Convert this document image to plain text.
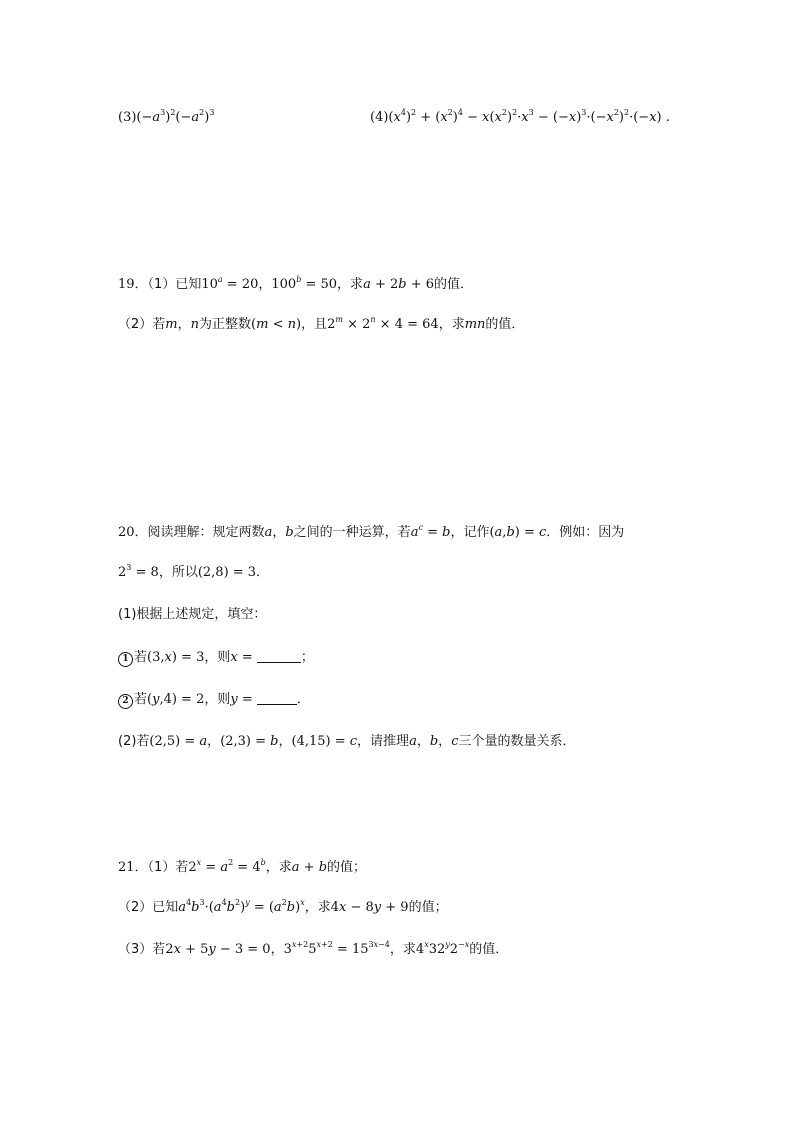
$(3)(-a^3)^2(-a^2)^3$	$(4)(x^4)^2 + (x^2)^4 - x(x^2)^2\cdot x^3 - (-x)^3\cdot(-x^2)^2\cdot(-x)$ .
19．（1）已知$10^a = 20$，$100^b = 50$，求a + 2b + 6的值．
（2）若m，n为正整数(m < n)，且$2^m \times 2^n \times 4 = 64$，求mn的值．
20．阅读理解：规定两数a，b之间的一种运算，若$a^c = b$，记作(a,b) = c．例如：因为
$2^3 = 8$，所以(2,8) = 3．
(1)根据上述规定，填空：
1 若(3,x) = 3，则x =	；
2 若(y,4) = 2，则y =	．
(2)若(2,5) = a，(2,3) = b，(4,15) = c，请推理a，b，c三个量的数量关系．
21．（1）若$2^x = a^2 = 4^b$，求a + b的值；
（2）已知$a^4b^3\cdot(a^4b^2)^y = (a^2b)^x$，求4x − 8y + 9的值；
（3）若2x + 5y − 3 = 0，$3^{x+2}5^{x+2} = 15^{3x-4}$，求$4^x32^y2^{-x}$的值．
